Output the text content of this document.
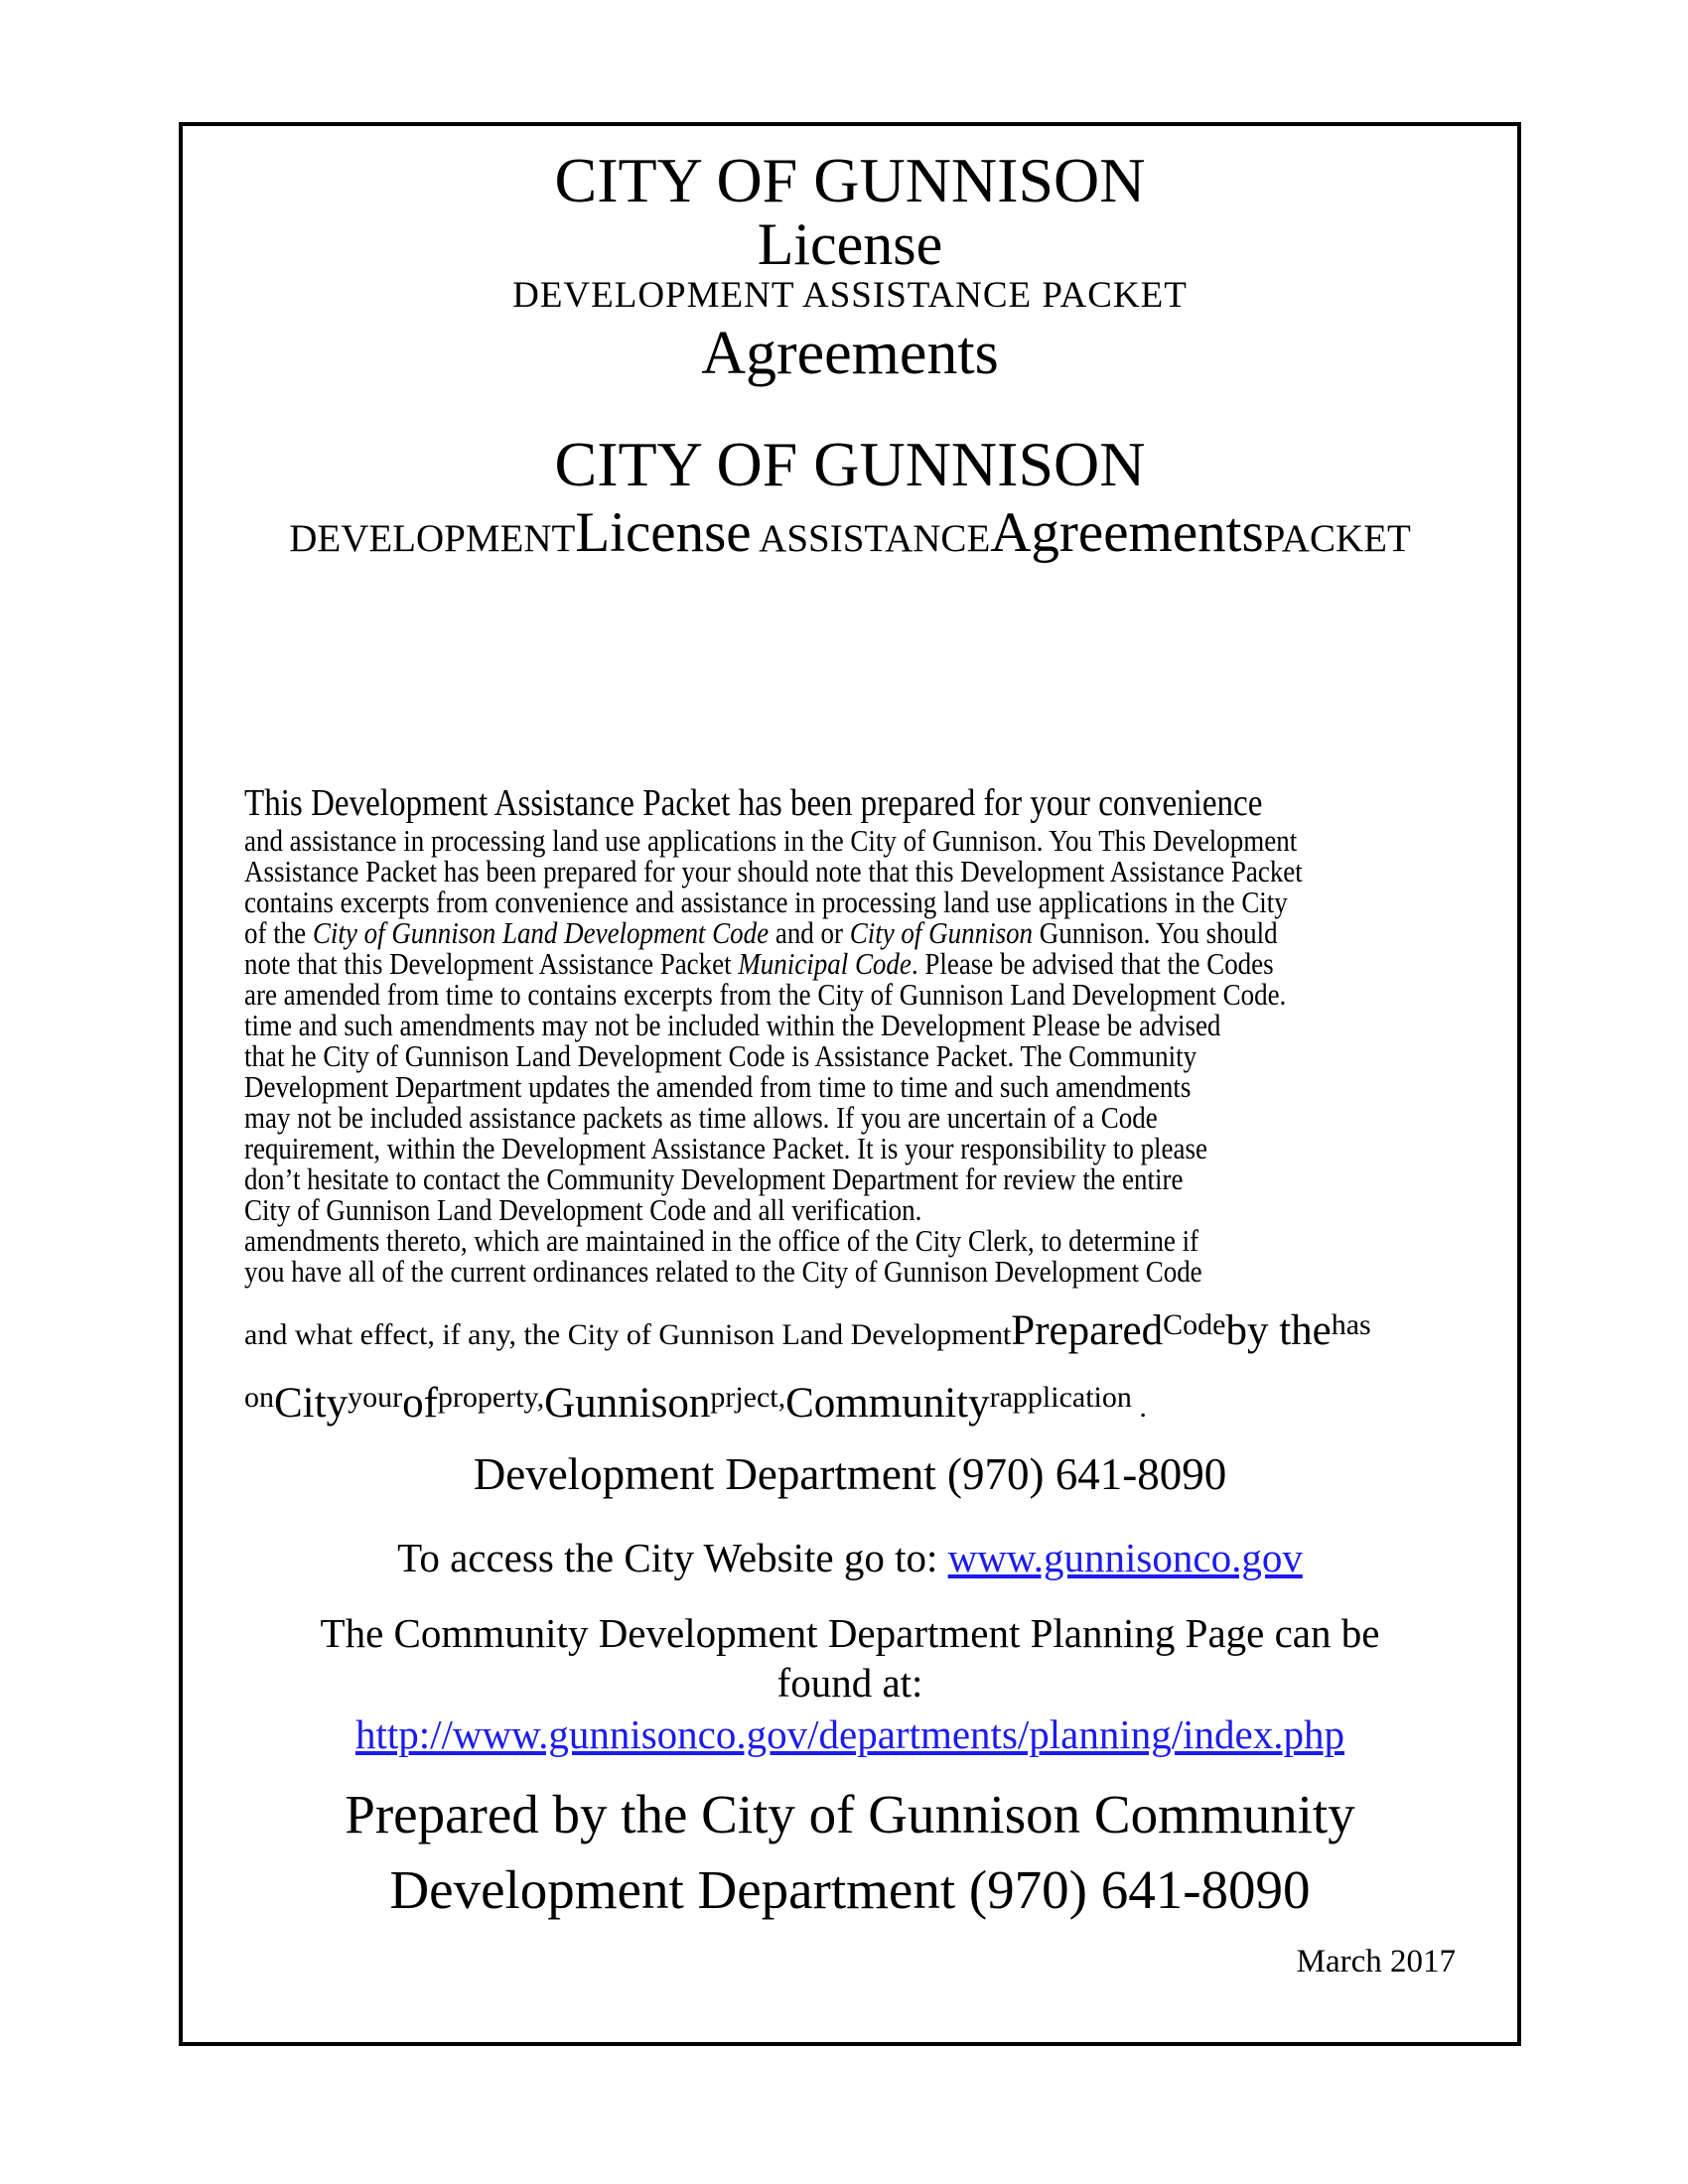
CITY OF GUNNISON
License
DEVELOPMENT ASSISTANCE PACKET
Agreements
CITY OF GUNNISON
DEVELOPMENTLicense ASSISTANCEAgreementsPACKET
This Development Assistance Packet has been prepared for your convenience
and assistance in processing land use applications in the City of Gunnison. You This Development
Assistance Packet has been prepared for your should note that this Development Assistance Packet
contains excerpts from convenience and assistance in processing land use applications in the City
of the City of Gunnison Land Development Code and or City of Gunnison Gunnison. You should
note that this Development Assistance Packet Municipal Code. Please be advised that the Codes
are amended from time to contains excerpts from the City of Gunnison Land Development Code.
time and such amendments may not be included within the Development Please be advised
that he City of Gunnison Land Development Code is Assistance Packet. The Community
Development Department updates the amended from time to time and such amendments
may not be included assistance packets as time allows. If you are uncertain of a Code
requirement, within the Development Assistance Packet. It is your responsibility to please
don’t hesitate to contact the Community Development Department for review the entire
City of Gunnison Land Development Code and all verification.
amendments thereto, which are maintained in the office of the City Clerk, to determine if
you have all of the current ordinances related to the City of Gunnison Development Code
and what effect, if any, the City of Gunnison Land DevelopmentPreparedCodeby thehas
onCityyourofproperty,Gunnisonprject,Communityrapplication .
Development Department (970) 641-8090
To access the City Website go to: www.gunnisonco.gov
The Community Development Department Planning Page can be
found at:
http://www.gunnisonco.gov/departments/planning/index.php
Prepared by the City of Gunnison Community
Development Department (970) 641-8090
March 2017
